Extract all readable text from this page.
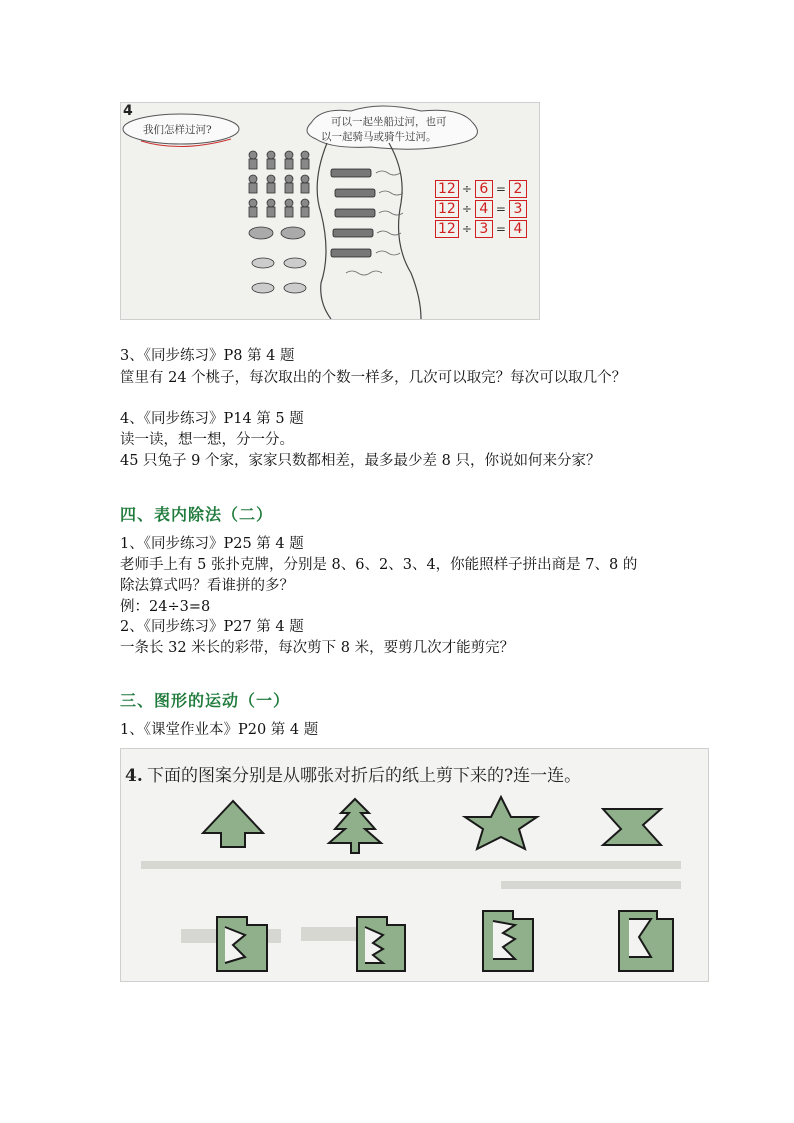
4
我们怎样过河?
可以一起坐船过河，也可
以一起骑马或骑牛过河。
12 ÷ 6 = 2
12 ÷ 4 = 3
12 ÷ 3 = 4
3、《同步练习》P8 第 4 题
筐里有 24 个桃子，每次取出的个数一样多，几次可以取完？每次可以取几个？
4、《同步练习》P14 第 5 题
读一读，想一想，分一分。
45 只兔子 9 个家，家家只数都相差，最多最少差 8 只，你说如何来分家？
四、表内除法（二）
1、《同步练习》P25 第 4 题
老师手上有 5 张扑克牌，分别是 8、6、2、3、4，你能照样子拼出商是 7、8 的
除法算式吗？看谁拼的多？
例：24÷3=8
2、《同步练习》P27 第 4 题
一条长 32 米长的彩带，每次剪下 8 米，要剪几次才能剪完？
三、图形的运动（一）
1、《课堂作业本》P20 第 4 题
4. 下面的图案分别是从哪张对折后的纸上剪下来的?连一连。
